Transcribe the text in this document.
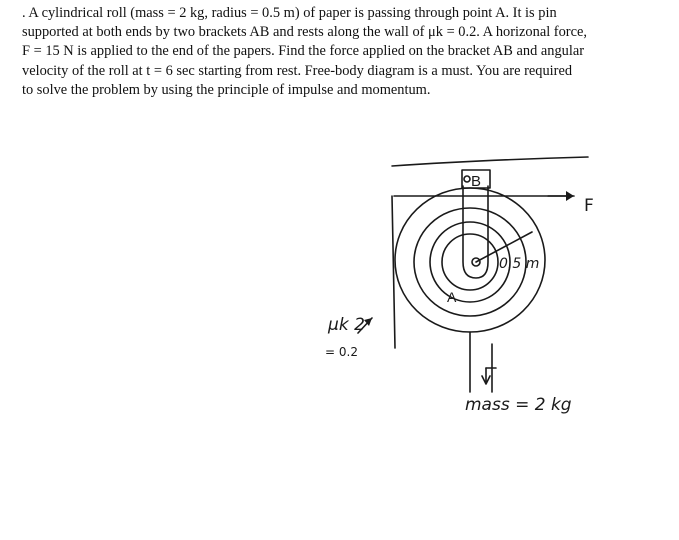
. A cylindrical roll (mass = 2 kg, radius = 0.5 m) of paper is passing through point A. It is pin
supported at both ends by two brackets AB and rests along the wall of μk = 0.2. A horizonal force,
F = 15 N is applied to the end of the papers. Find the force applied on the bracket AB and angular
velocity of the roll at t = 6 sec starting from rest. Free-body diagram is a must. You are required
to solve the problem by using the principle of impulse and momentum.
B
A
F
0.5 m
μk 2
= 0.2
mass = 2 kg
